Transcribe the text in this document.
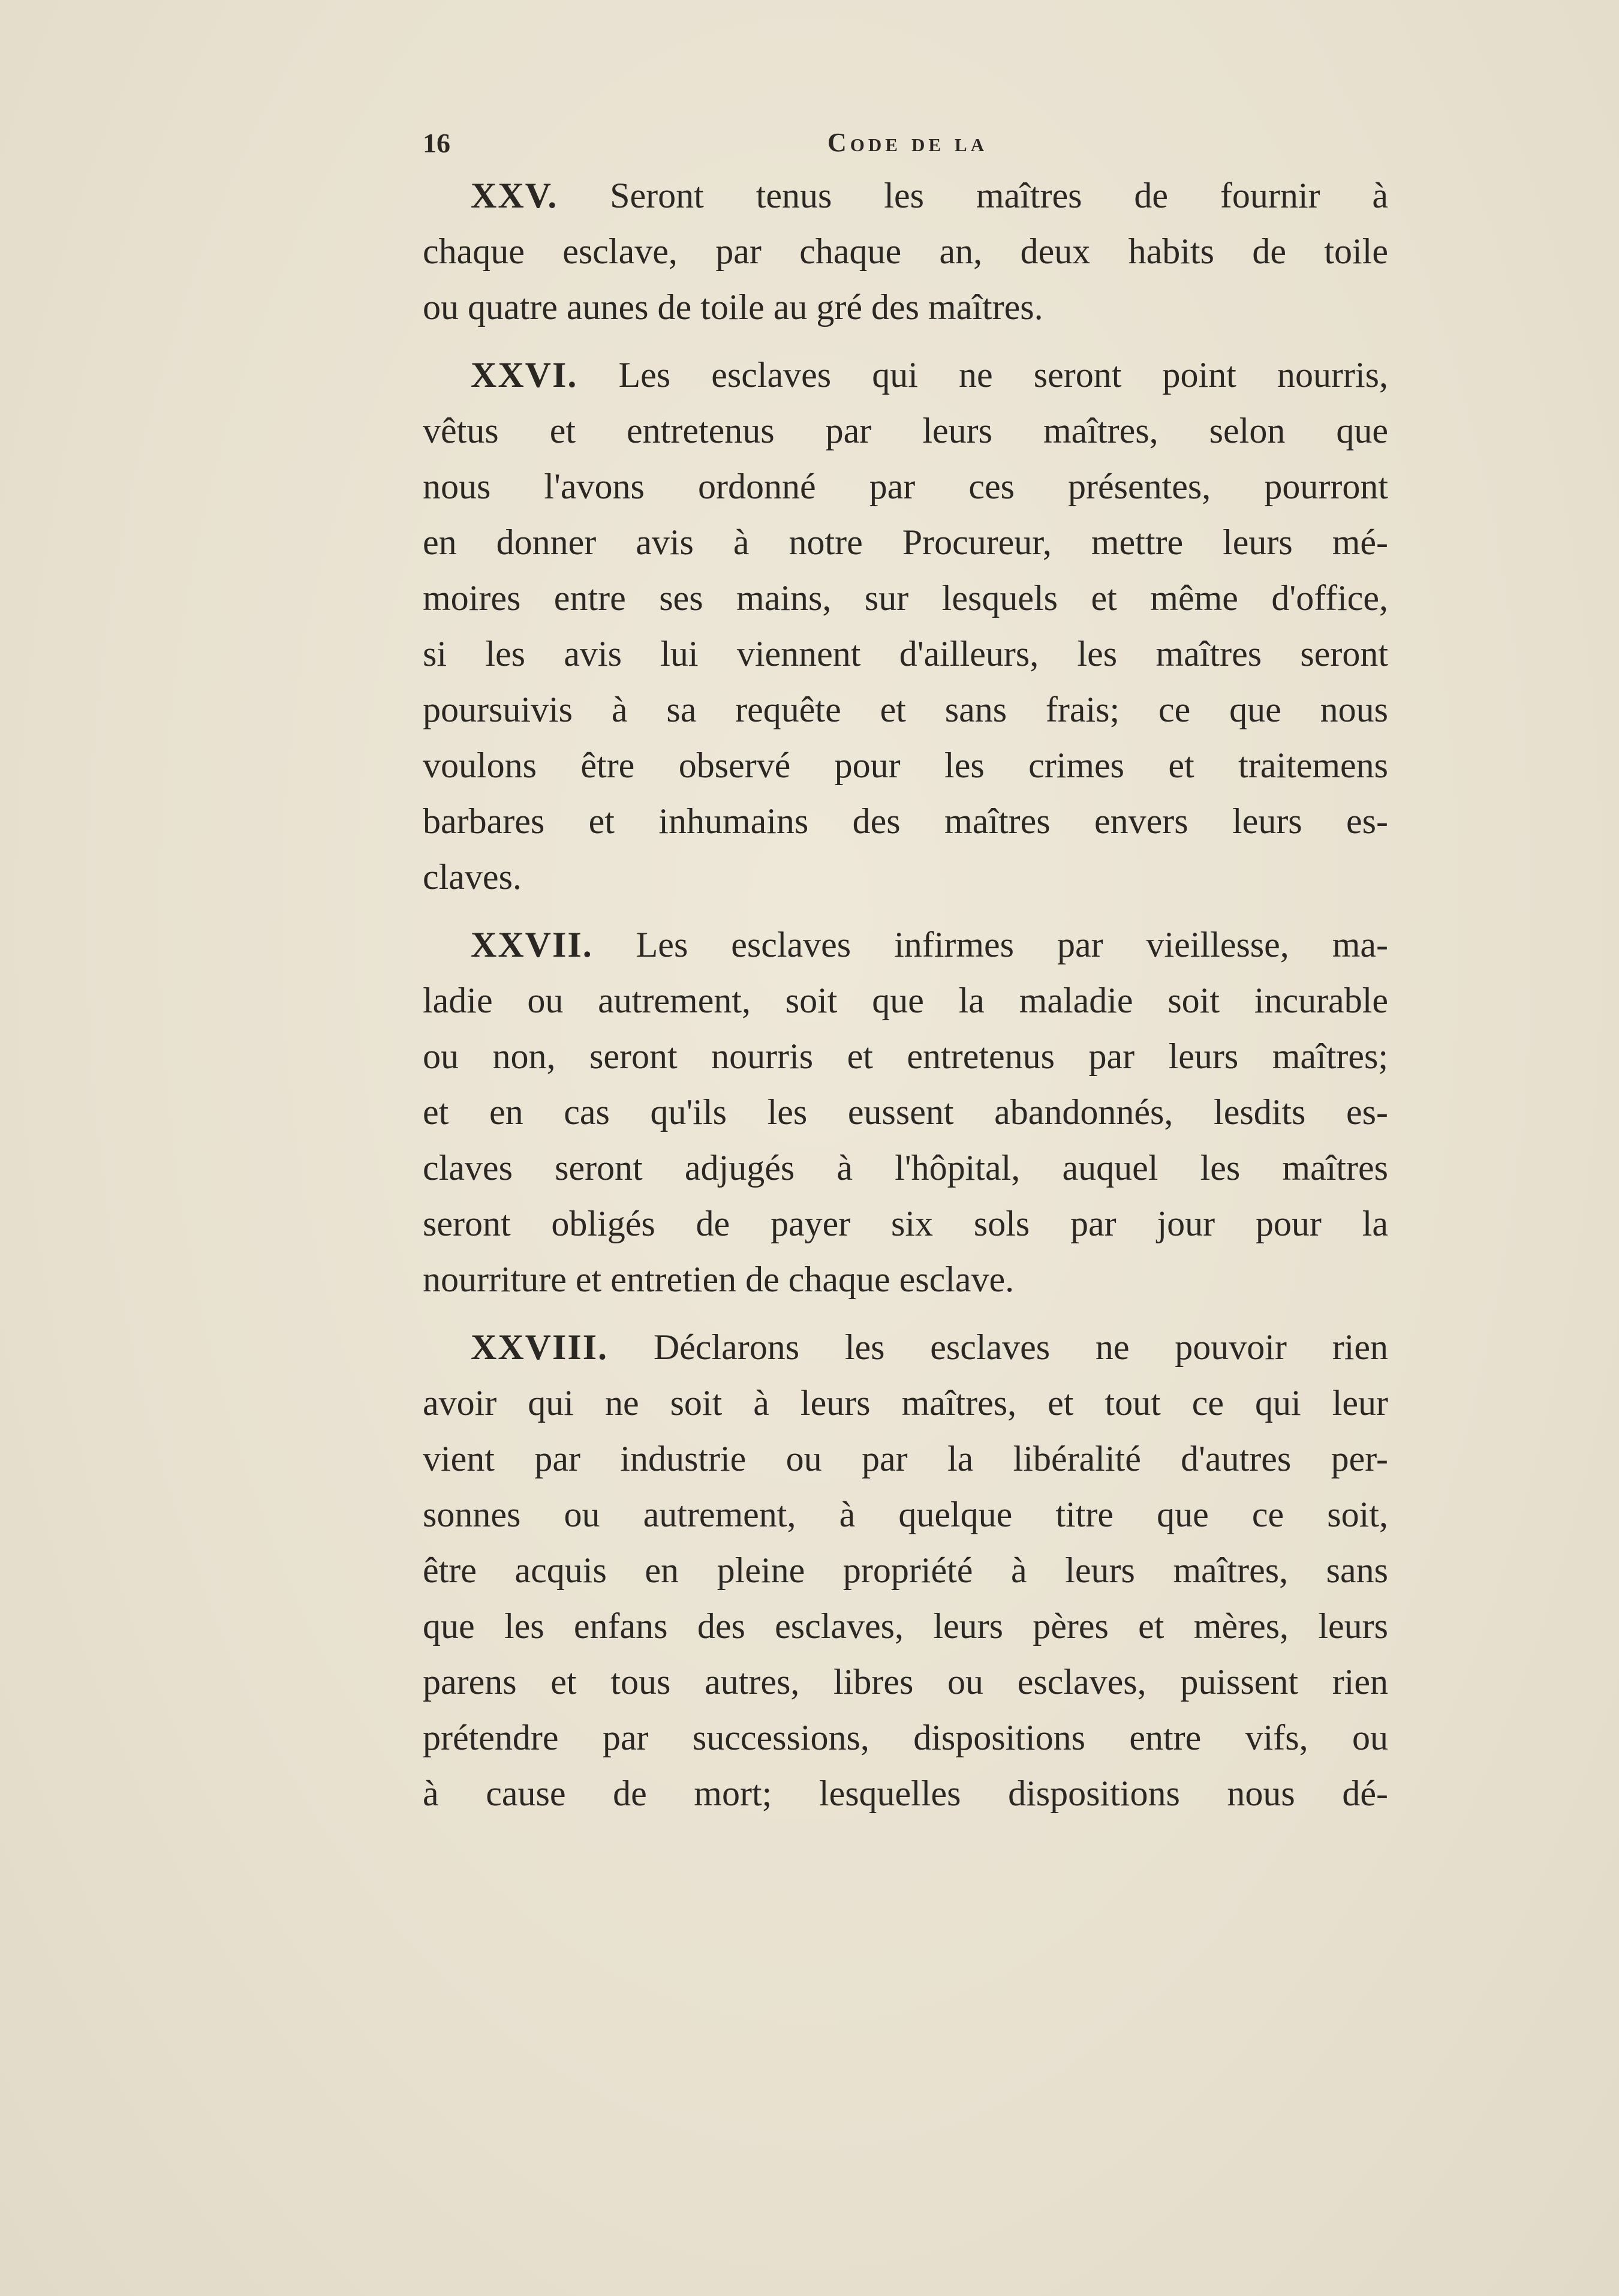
16	Code de la
XXV. Seront tenus les maîtres de fournir à
chaque esclave, par chaque an, deux habits de toile
ou quatre aunes de toile au gré des maîtres.
XXVI. Les esclaves qui ne seront point nourris,
vêtus et entretenus par leurs maîtres, selon que
nous l'avons ordonné par ces présentes, pourront
en donner avis à notre Procureur, mettre leurs mé-
moires entre ses mains, sur lesquels et même d'office,
si les avis lui viennent d'ailleurs, les maîtres seront
poursuivis à sa requête et sans frais; ce que nous
voulons être observé pour les crimes et traitemens
barbares et inhumains des maîtres envers leurs es-
claves.
XXVII. Les esclaves infirmes par vieillesse, ma-
ladie ou autrement, soit que la maladie soit incurable
ou non, seront nourris et entretenus par leurs maîtres;
et en cas qu'ils les eussent abandonnés, lesdits es-
claves seront adjugés à l'hôpital, auquel les maîtres
seront obligés de payer six sols par jour pour la
nourriture et entretien de chaque esclave.
XXVIII. Déclarons les esclaves ne pouvoir rien
avoir qui ne soit à leurs maîtres, et tout ce qui leur
vient par industrie ou par la libéralité d'autres per-
sonnes ou autrement, à quelque titre que ce soit,
être acquis en pleine propriété à leurs maîtres, sans
que les enfans des esclaves, leurs pères et mères, leurs
parens et tous autres, libres ou esclaves, puissent rien
prétendre par successions, dispositions entre vifs, ou
à cause de mort; lesquelles dispositions nous dé-
